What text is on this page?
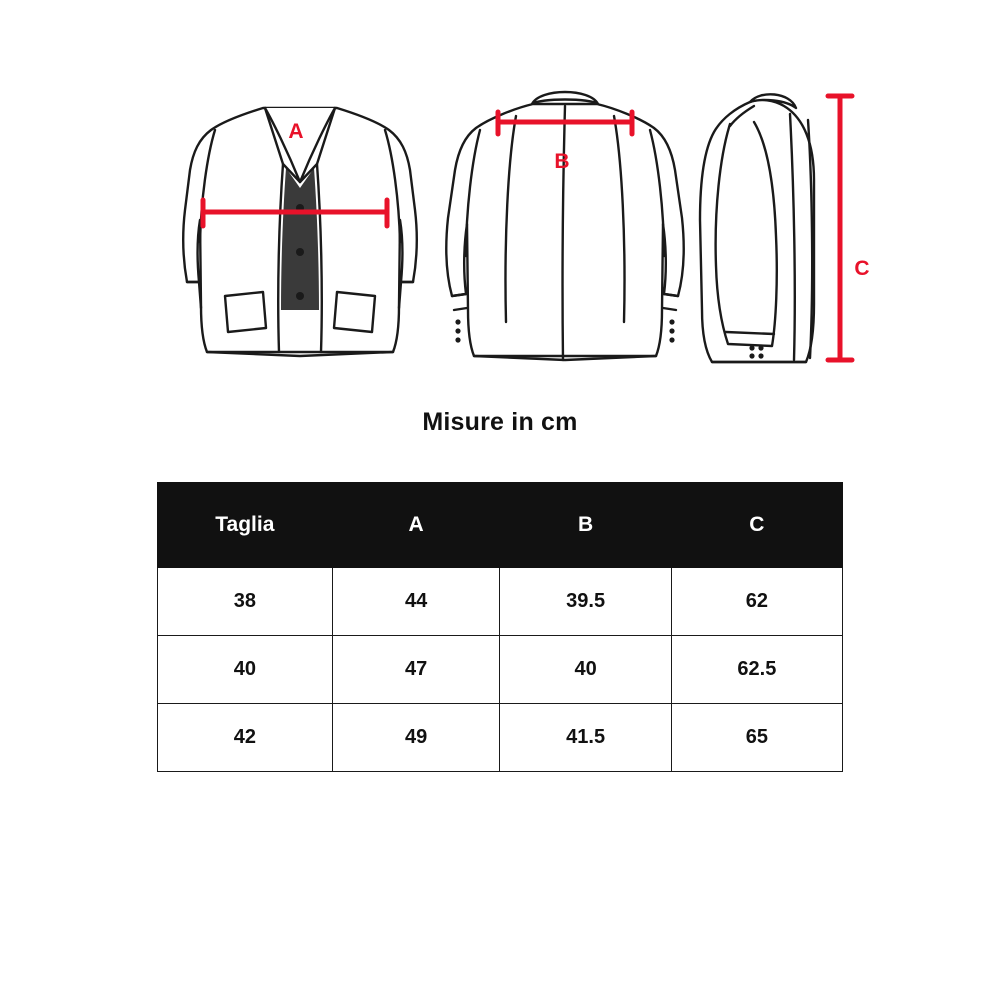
A
B
C
Misure in cm
Taglia	A	B	C
38	44	39.5	62
40	47	40	62.5
42	49	41.5	65
